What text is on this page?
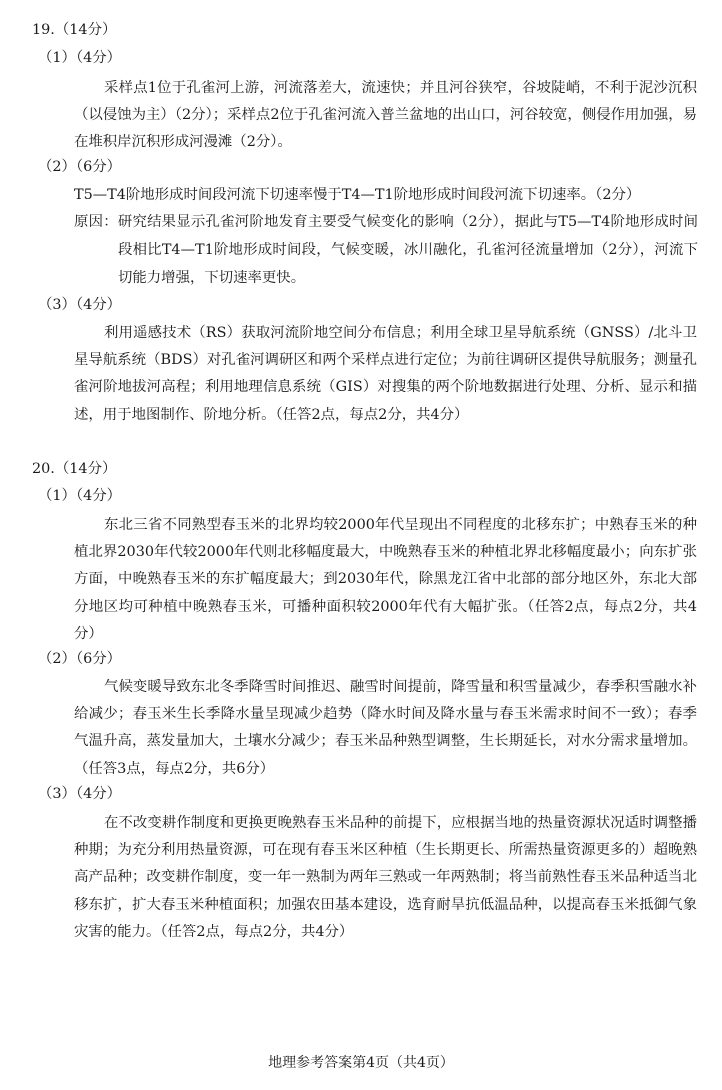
19.（14分）
（1）（4分）
采样点1位于孔雀河上游，河流落差大，流速快；并且河谷狭窄，谷坡陡峭，不利于泥沙沉积（以侵蚀为主）（2分）；采样点2位于孔雀河流入普兰盆地的出山口，河谷较宽，侧侵作用加强，易在堆积岸沉积形成河漫滩（2分）。
（2）（6分）
T5—T4阶地形成时间段河流下切速率慢于T4—T1阶地形成时间段河流下切速率。（2分）
原因：研究结果显示孔雀河阶地发育主要受气候变化的影响（2分），据此与T5—T4阶地形成时间段相比T4—T1阶地形成时间段，气候变暖，冰川融化，孔雀河径流量增加（2分），河流下切能力增强，下切速率更快。
（3）（4分）
利用遥感技术（RS）获取河流阶地空间分布信息；利用全球卫星导航系统（GNSS）/北斗卫星导航系统（BDS）对孔雀河调研区和两个采样点进行定位；为前往调研区提供导航服务；测量孔雀河阶地拔河高程；利用地理信息系统（GIS）对搜集的两个阶地数据进行处理、分析、显示和描述，用于地图制作、阶地分析。（任答2点，每点2分，共4分）
20.（14分）
（1）（4分）
东北三省不同熟型春玉米的北界均较2000年代呈现出不同程度的北移东扩；中熟春玉米的种植北界2030年代较2000年代则北移幅度最大，中晚熟春玉米的种植北界北移幅度最小；向东扩张方面，中晚熟春玉米的东扩幅度最大；到2030年代，除黑龙江省中北部的部分地区外，东北大部分地区均可种植中晚熟春玉米，可播种面积较2000年代有大幅扩张。（任答2点，每点2分，共4分）
（2）（6分）
气候变暖导致东北冬季降雪时间推迟、融雪时间提前，降雪量和积雪量减少，春季积雪融水补给减少；春玉米生长季降水量呈现减少趋势（降水时间及降水量与春玉米需求时间不一致）；春季气温升高，蒸发量加大，土壤水分减少；春玉米品种熟型调整，生长期延长，对水分需求量增加。（任答3点，每点2分，共6分）
（3）（4分）
在不改变耕作制度和更换更晚熟春玉米品种的前提下，应根据当地的热量资源状况适时调整播种期；为充分利用热量资源，可在现有春玉米区种植（生长期更长、所需热量资源更多的）超晚熟高产品种；改变耕作制度，变一年一熟制为两年三熟或一年两熟制；将当前熟性春玉米品种适当北移东扩，扩大春玉米种植面积；加强农田基本建设，选育耐旱抗低温品种，以提高春玉米抵御气象灾害的能力。（任答2点，每点2分，共4分）
地理参考答案第4页（共4页）
